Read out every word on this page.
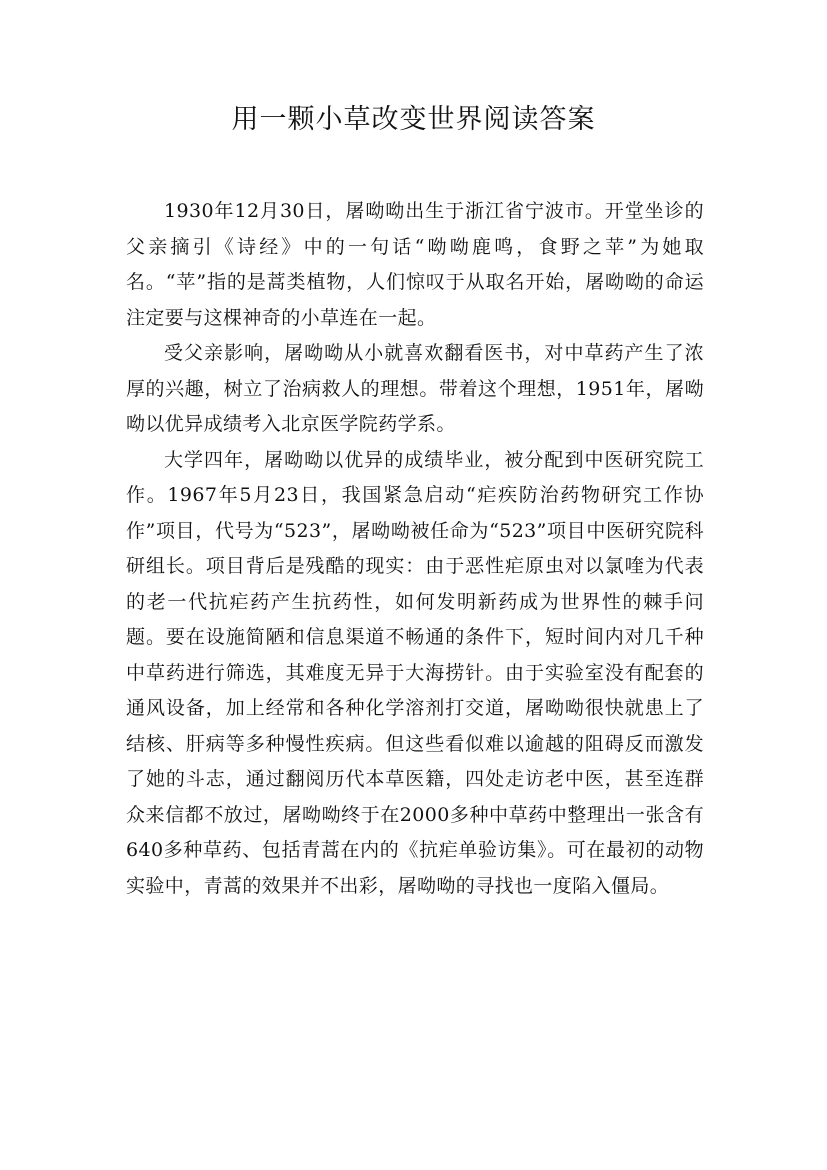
用一颗小草改变世界阅读答案

1930年12月30日，屠呦呦出生于浙江省宁波市。开堂坐诊的父亲摘引《诗经》中的一句话“呦呦鹿鸣，食野之苹”为她取名。“苹”指的是蒿类植物，人们惊叹于从取名开始，屠呦呦的命运注定要与这棵神奇的小草连在一起。

受父亲影响，屠呦呦从小就喜欢翻看医书，对中草药产生了浓厚的兴趣，树立了治病救人的理想。带着这个理想，1951年，屠呦呦以优异成绩考入北京医学院药学系。

大学四年，屠呦呦以优异的成绩毕业，被分配到中医研究院工作。1967年5月23日，我国紧急启动“疟疾防治药物研究工作协作”项目，代号为“523”，屠呦呦被任命为“523”项目中医研究院科研组长。项目背后是残酷的现实：由于恶性疟原虫对以氯喹为代表的老一代抗疟药产生抗药性，如何发明新药成为世界性的棘手问题。要在设施简陋和信息渠道不畅通的条件下，短时间内对几千种中草药进行筛选，其难度无异于大海捞针。由于实验室没有配套的通风设备，加上经常和各种化学溶剂打交道，屠呦呦很快就患上了结核、肝病等多种慢性疾病。但这些看似难以逾越的阻碍反而激发了她的斗志，通过翻阅历代本草医籍，四处走访老中医，甚至连群众来信都不放过，屠呦呦终于在2000多种中草药中整理出一张含有640多种草药、包括青蒿在内的《抗疟单验访集》。可在最初的动物实验中，青蒿的效果并不出彩，屠呦呦的寻找也一度陷入僵局。
